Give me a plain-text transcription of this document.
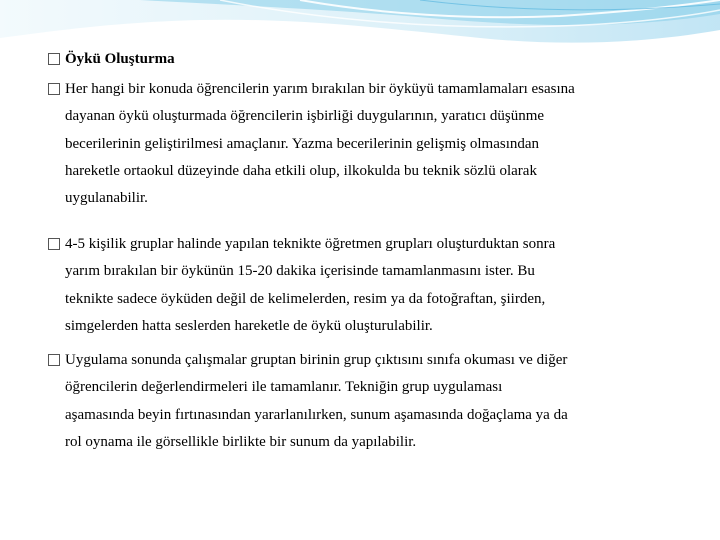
Öykü Oluşturma
Her hangi bir konuda öğrencilerin yarım bırakılan bir öyküyü tamamlamaları esasına
dayanan öykü oluşturmada öğrencilerin işbirliği duygularının, yaratıcı düşünme
becerilerinin geliştirilmesi amaçlanır. Yazma becerilerinin gelişmiş olmasından
hareketle ortaokul düzeyinde daha etkili olup, ilkokulda bu teknik sözlü olarak
uygulanabilir.
4-5 kişilik gruplar halinde yapılan teknikte öğretmen grupları oluşturduktan sonra
yarım bırakılan bir öykünün 15-20 dakika içerisinde tamamlanmasını ister. Bu
teknikte sadece öyküden değil de kelimelerden, resim ya da fotoğraftan, şiirden,
simgelerden hatta seslerden hareketle de öykü oluşturulabilir.
Uygulama sonunda çalışmalar gruptan birinin grup çıktısını sınıfa okuması ve diğer
öğrencilerin değerlendirmeleri ile tamamlanır. Tekniğin grup uygulaması
aşamasında beyin fırtınasından yararlanılırken, sunum aşamasında doğaçlama ya da
rol oynama ile görsellikle birlikte bir sunum da yapılabilir.
